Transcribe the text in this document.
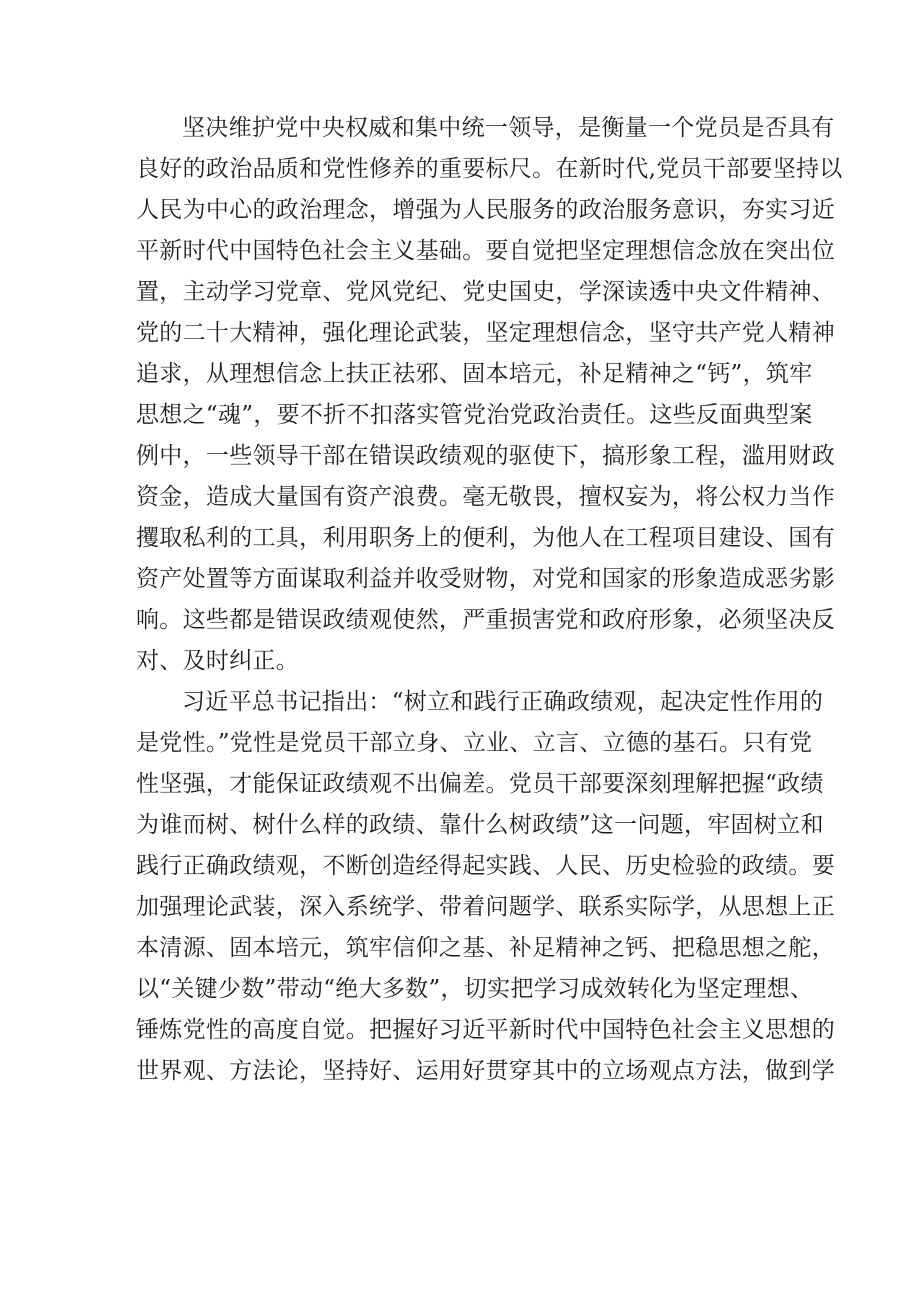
坚决维护党中央权威和集中统一领导，是衡量一个党员是否具有
良好的政治品质和党性修养的重要标尺。在新时代,党员干部要坚持以
人民为中心的政治理念，增强为人民服务的政治服务意识，夯实习近
平新时代中国特色社会主义基础。要自觉把坚定理想信念放在突出位
置，主动学习党章、党风党纪、党史国史，学深读透中央文件精神、
党的二十大精神，强化理论武装，坚定理想信念，坚守共产党人精神
追求，从理想信念上扶正祛邪、固本培元，补足精神之“钙”，筑牢
思想之“魂”，要不折不扣落实管党治党政治责任。这些反面典型案
例中，一些领导干部在错误政绩观的驱使下，搞形象工程，滥用财政
资金，造成大量国有资产浪费。毫无敬畏，擅权妄为，将公权力当作
攫取私利的工具，利用职务上的便利，为他人在工程项目建设、国有
资产处置等方面谋取利益并收受财物，对党和国家的形象造成恶劣影
响。这些都是错误政绩观使然，严重损害党和政府形象，必须坚决反
对、及时纠正。
习近平总书记指出：“树立和践行正确政绩观，起决定性作用的
是党性。”党性是党员干部立身、立业、立言、立德的基石。只有党
性坚强，才能保证政绩观不出偏差。党员干部要深刻理解把握“政绩
为谁而树、树什么样的政绩、靠什么树政绩”这一问题，牢固树立和
践行正确政绩观，不断创造经得起实践、人民、历史检验的政绩。要
加强理论武装，深入系统学、带着问题学、联系实际学，从思想上正
本清源、固本培元，筑牢信仰之基、补足精神之钙、把稳思想之舵，
以“关键少数”带动“绝大多数”，切实把学习成效转化为坚定理想、
锤炼党性的高度自觉。把握好习近平新时代中国特色社会主义思想的
世界观、方法论，坚持好、运用好贯穿其中的立场观点方法，做到学
